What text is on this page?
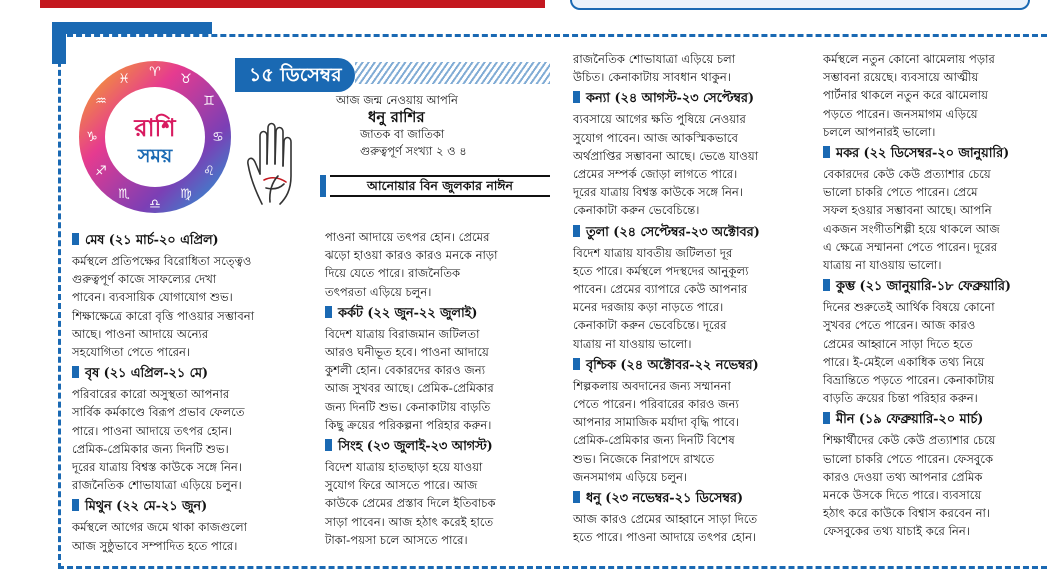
১৫ ডিসেম্বর
♈ ♉
♊
♋
♌
♍
♎
♏
♐
♑
♒
♓
রাশি
সময়
আজ জন্ম নেওয়ায় আপনি
ধনু রাশির
জাতক বা জাতিকা
গুরুত্বপূর্ণ সংখ্যা ২ ও ৪
আনোয়ার বিন জুলকার নাঈন
মেষ (২১ মার্চ-২০ এপ্রিল)

কর্মস্থলে প্রতিপক্ষের বিরোধিতা সত্ত্বেও

গুরুত্বপূর্ণ কাজে সাফল্যের দেখা

পাবেন। ব্যবসায়িক যোগাযোগ শুভ।

শিক্ষাক্ষেত্রে কারো বৃত্তি পাওয়ার সম্ভাবনা

আছে। পাওনা আদায়ে অন্যের

সহযোগিতা পেতে পারেন।

বৃষ (২১ এপ্রিল-২১ মে)

পরিবারের কারো অসুস্থতা আপনার

সার্বিক কর্মকাণ্ডে বিরূপ প্রভাব ফেলতে

পারে। পাওনা আদায়ে তৎপর হোন।

প্রেমিক-প্রেমিকার জন্য দিনটি শুভ।

দূরের যাত্রায় বিশ্বস্ত কাউকে সঙ্গে নিন।

রাজনৈতিক শোভাযাত্রা এড়িয়ে চলুন।

মিথুন (২২ মে-২১ জুন)

কর্মস্থলে আগের জমে থাকা কাজগুলো

আজ সুষ্ঠুভাবে সম্পাদিত হতে পারে।

পাওনা আদায়ে তৎপর হোন। প্রেমের

ঝড়ো হাওয়া কারও কারও মনকে নাড়া

দিয়ে যেতে পারে। রাজনৈতিক

তৎপরতা এড়িয়ে চলুন।

কর্কট (২২ জুন-২২ জুলাই)

বিদেশ যাত্রায় বিরাজমান জটিলতা

আরও ঘনীভূত হবে। পাওনা আদায়ে

কুশলী হোন। বেকারদের কারও জন্য

আজ সুখবর আছে। প্রেমিক-প্রেমিকার

জন্য দিনটি শুভ। কেনাকাটায় বাড়তি

কিছু ক্রয়ের পরিকল্পনা পরিহার করুন।

সিংহ (২৩ জুলাই-২৩ আগস্ট)

বিদেশ যাত্রায় হাতছাড়া হয়ে যাওয়া

সুযোগ ফিরে আসতে পারে। আজ

কাউকে প্রেমের প্রস্তাব দিলে ইতিবাচক

সাড়া পাবেন। আজ হঠাৎ করেই হাতে

টাকা-পয়সা চলে আসতে পারে।

রাজনৈতিক শোভাযাত্রা এড়িয়ে চলা

উচিত। কেনাকাটায় সাবধান থাকুন।

কন্যা (২৪ আগস্ট-২৩ সেপ্টেম্বর)

ব্যবসায়ে আগের ক্ষতি পুষিয়ে নেওয়ার

সুযোগ পাবেন। আজ আকস্মিকভাবে

অর্থপ্রাপ্তির সম্ভাবনা আছে। ভেঙে যাওয়া

প্রেমের সম্পর্ক জোড়া লাগতে পারে।

দূরের যাত্রায় বিশ্বস্ত কাউকে সঙ্গে নিন।

কেনাকাটা করুন ভেবেচিন্তে।

তুলা (২৪ সেপ্টেম্বর-২৩ অক্টোবর)

বিদেশ যাত্রায় যাবতীয় জটিলতা দূর

হতে পারে। কর্মস্থলে পদস্থদের আনুকূল্য

পাবেন। প্রেমের ব্যাপারে কেউ আপনার

মনের দরজায় কড়া নাড়তে পারে।

কেনাকাটা করুন ভেবেচিন্তে। দূরের

যাত্রায় না যাওয়ায় ভালো।

বৃশ্চিক (২৪ অক্টোবর-২২ নভেম্বর)

শিল্পকলায় অবদানের জন্য সম্মাননা

পেতে পারেন। পরিবারের কারও জন্য

আপনার সামাজিক মর্যাদা বৃদ্ধি পাবে।

প্রেমিক-প্রেমিকার জন্য দিনটি বিশেষ

শুভ। নিজেকে নিরাপদে রাখতে

জনসমাগম এড়িয়ে চলুন।

ধনু (২৩ নভেম্বর-২১ ডিসেম্বর)

আজ কারও প্রেমের আহ্বানে সাড়া দিতে

হতে পারে। পাওনা আদায়ে তৎপর হোন।

কর্মস্থলে নতুন কোনো ঝামেলায় পড়ার

সম্ভাবনা রয়েছে। ব্যবসায়ে আত্মীয়

পার্টনার থাকলে নতুন করে ঝামেলায়

পড়তে পারেন। জনসমাগম এড়িয়ে

চললে আপনারই ভালো।

মকর (২২ ডিসেম্বর-২০ জানুয়ারি)

বেকারদের কেউ কেউ প্রত্যাশার চেয়ে

ভালো চাকরি পেতে পারেন। প্রেমে

সফল হওয়ার সম্ভাবনা আছে। আপনি

একজন সংগীতশিল্পী হয়ে থাকলে আজ

এ ক্ষেত্রে সম্মাননা পেতে পারেন। দূরের

যাত্রায় না যাওয়ায় ভালো।

কুম্ভ (২১ জানুয়ারি-১৮ ফেব্রুয়ারি)

দিনের শুরুতেই আর্থিক বিষয়ে কোনো

সুখবর পেতে পারেন। আজ কারও

প্রেমের আহ্বানে সাড়া দিতে হতে

পারে। ই-মেইলে একাধিক তথ্য নিয়ে

বিভ্রান্তিতে পড়তে পারেন। কেনাকাটায়

বাড়তি ক্রয়ের চিন্তা পরিহার করুন।

মীন (১৯ ফেব্রুয়ারি-২০ মার্চ)

শিক্ষার্থীদের কেউ কেউ প্রত্যাশার চেয়ে

ভালো চাকরি পেতে পারেন। ফেসবুকে

কারও দেওয়া তথ্য আপনার প্রেমিক

মনকে উসকে দিতে পারে। ব্যবসায়ে

হঠাৎ করে কাউকে বিশ্বাস করবেন না।

ফেসবুকের তথ্য যাচাই করে নিন।
